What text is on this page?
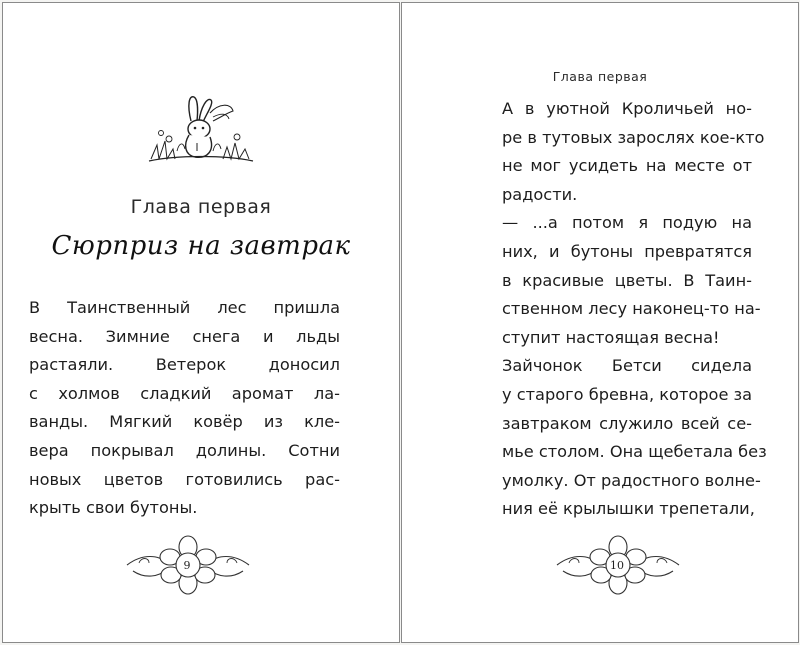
Глава первая
Сюрприз на завтрак
В Таинственный лес пришла
весна. Зимние снега и льды
растаяли. Ветерок доносил
с холмов сладкий аромат ла-
ванды. Мягкий ковёр из кле-
вера покрывал долины. Сотни
новых цветов готовились рас-
крыть свои бутоны.
9
Глава первая
А в уютной Кроличьей но-
ре в тутовых зарослях кое-кто
не мог усидеть на месте от
радости.
— ...а потом я подую на
них, и бутоны превратятся
в красивые цветы. В Таин-
ственном лесу наконец-то на-
ступит настоящая весна!
Зайчонок Бетси сидела
у старого бревна, которое за
завтраком служило всей се-
мье столом. Она щебетала без
умолку. От радостного волне-
ния её крылышки трепетали,
10
